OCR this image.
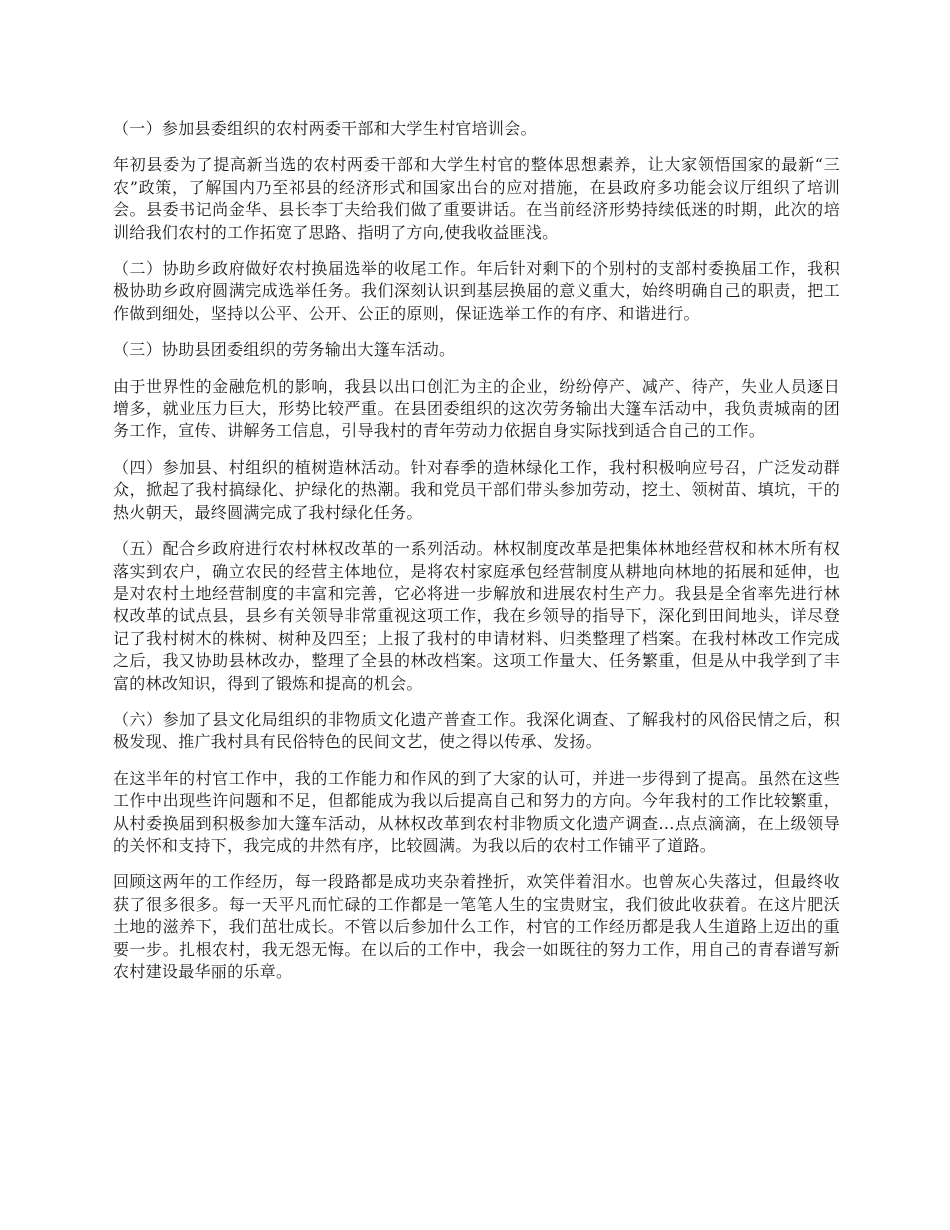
（一）参加县委组织的农村两委干部和大学生村官培训会。

年初县委为了提高新当选的农村两委干部和大学生村官的整体思想素养，让大家领悟国家的最新“三农”政策，了解国内乃至祁县的经济形式和国家出台的应对措施，在县政府多功能会议厅组织了培训会。县委书记尚金华、县长李丁夫给我们做了重要讲话。在当前经济形势持续低迷的时期，此次的培训给我们农村的工作拓宽了思路、指明了方向,使我收益匪浅。

（二）协助乡政府做好农村换届选举的收尾工作。年后针对剩下的个别村的支部村委换届工作，我积极协助乡政府圆满完成选举任务。我们深刻认识到基层换届的意义重大，始终明确自己的职责，把工作做到细处，坚持以公平、公开、公正的原则，保证选举工作的有序、和谐进行。

（三）协助县团委组织的劳务输出大篷车活动。

由于世界性的金融危机的影响，我县以出口创汇为主的企业，纷纷停产、减产、待产，失业人员逐日增多，就业压力巨大，形势比较严重。在县团委组织的这次劳务输出大篷车活动中，我负责城南的团务工作，宣传、讲解务工信息，引导我村的青年劳动力依据自身实际找到适合自己的工作。

（四）参加县、村组织的植树造林活动。针对春季的造林绿化工作，我村积极响应号召，广泛发动群众，掀起了我村搞绿化、护绿化的热潮。我和党员干部们带头参加劳动，挖土、领树苗、填坑，干的热火朝天，最终圆满完成了我村绿化任务。

（五）配合乡政府进行农村林权改革的一系列活动。林权制度改革是把集体林地经营权和林木所有权落实到农户，确立农民的经营主体地位，是将农村家庭承包经营制度从耕地向林地的拓展和延伸，也是对农村土地经营制度的丰富和完善，它必将进一步解放和进展农村生产力。我县是全省率先进行林权改革的试点县，县乡有关领导非常重视这项工作，我在乡领导的指导下，深化到田间地头，详尽登记了我村树木的株树、树种及四至；上报了我村的申请材料、归类整理了档案。在我村林改工作完成之后，我又协助县林改办，整理了全县的林改档案。这项工作量大、任务繁重，但是从中我学到了丰富的林改知识，得到了锻炼和提高的机会。

（六）参加了县文化局组织的非物质文化遗产普查工作。我深化调查、了解我村的风俗民情之后，积极发现、推广我村具有民俗特色的民间文艺，使之得以传承、发扬。

在这半年的村官工作中，我的工作能力和作风的到了大家的认可，并进一步得到了提高。虽然在这些工作中出现些许问题和不足，但都能成为我以后提高自己和努力的方向。今年我村的工作比较繁重，从村委换届到积极参加大篷车活动，从林权改革到农村非物质文化遗产调查...点点滴滴，在上级领导的关怀和支持下，我完成的井然有序，比较圆满。为我以后的农村工作铺平了道路。

回顾这两年的工作经历，每一段路都是成功夹杂着挫折，欢笑伴着泪水。也曾灰心失落过，但最终收获了很多很多。每一天平凡而忙碌的工作都是一笔笔人生的宝贵财宝，我们彼此收获着。在这片肥沃土地的滋养下，我们茁壮成长。不管以后参加什么工作，村官的工作经历都是我人生道路上迈出的重要一步。扎根农村，我无怨无悔。在以后的工作中，我会一如既往的努力工作，用自己的青春谱写新农村建设最华丽的乐章。
